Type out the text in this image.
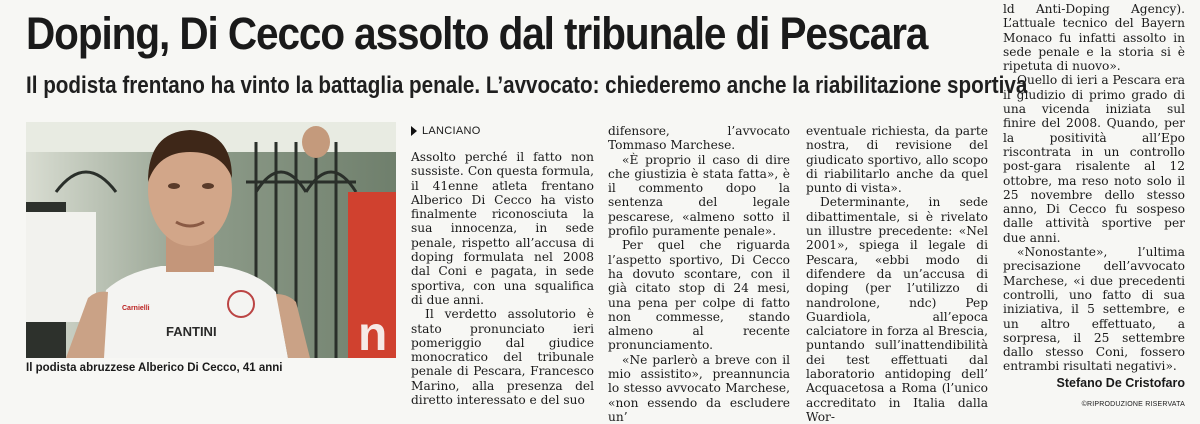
Doping, Di Cecco assolto dal tribunale di Pescara
Il podista frentano ha vinto la battaglia penale. L’avvocato: chiederemo anche la riabilitazione sportiva
n
FANTINI
Carnielli
Il podista abruzzese Alberico Di Cecco, 41 anni
LANCIANO

Assolto perché il fatto non sussiste. Con questa formula, il 41enne atleta frentano Alberico Di Cecco ha visto finalmente riconosciuta la sua innocenza, in sede penale, rispetto all’accusa di doping formulata nel 2008 dal Coni e pagata, in sede sportiva, con una squalifica di due anni.

Il verdetto assolutorio è stato pronunciato ieri pomeriggio dal giudice monocratico del tribunale penale di Pescara, Francesco Marino, alla presenza del diretto interessato e del suo

difensore, l’avvocato Tommaso Marchese.

«È proprio il caso di dire che giustizia è stata fatta», è il commento dopo la sentenza del legale pescarese, «almeno sotto il profilo puramente penale».

Per quel che riguarda l’aspetto sportivo, Di Cecco ha dovuto scontare, con il già citato stop di 24 mesi, una pena per colpe di fatto non commesse, stando almeno al recente pronunciamento.

«Ne parlerò a breve con il mio assistito», preannuncia lo stesso avvocato Marchese, «non essendo da escludere un’

eventuale richiesta, da parte nostra, di revisione del giudicato sportivo, allo scopo di riabilitarlo anche da quel punto di vista».

Determinante, in sede dibattimentale, si è rivelato un illustre precedente: «Nel 2001», spiega il legale di Pescara, «ebbi modo di difendere da un’accusa di doping (per l’utilizzo di nandrolone, ndc) Pep Guardiola, all’epoca calciatore in forza al Brescia, puntando sull’inattendibilità dei test effettuati dal laboratorio antidoping dell’ Acquacetosa a Roma (l’unico accreditato in Italia dalla Wor-

ld Anti-Doping Agency). L’attuale tecnico del Bayern Monaco fu infatti assolto in sede penale e la storia si è ripetuta di nuovo».

Quello di ieri a Pescara era il giudizio di primo grado di una vicenda iniziata sul finire del 2008. Quando, per la positività all’Epo riscontrata in un controllo post-gara risalente al 12 ottobre, ma reso noto solo il 25 novembre dello stesso anno, Di Cecco fu sospeso dalle attività sportive per due anni.

«Nonostante», l’ultima precisazione dell’avvocato Marchese, «i due precedenti controlli, uno fatto di sua iniziativa, il 5 settembre, e un altro effettuato, a sorpresa, il 25 settembre dallo stesso Coni, fossero entrambi risultati negativi».

Stefano De Cristofaro
©RIPRODUZIONE RISERVATA
